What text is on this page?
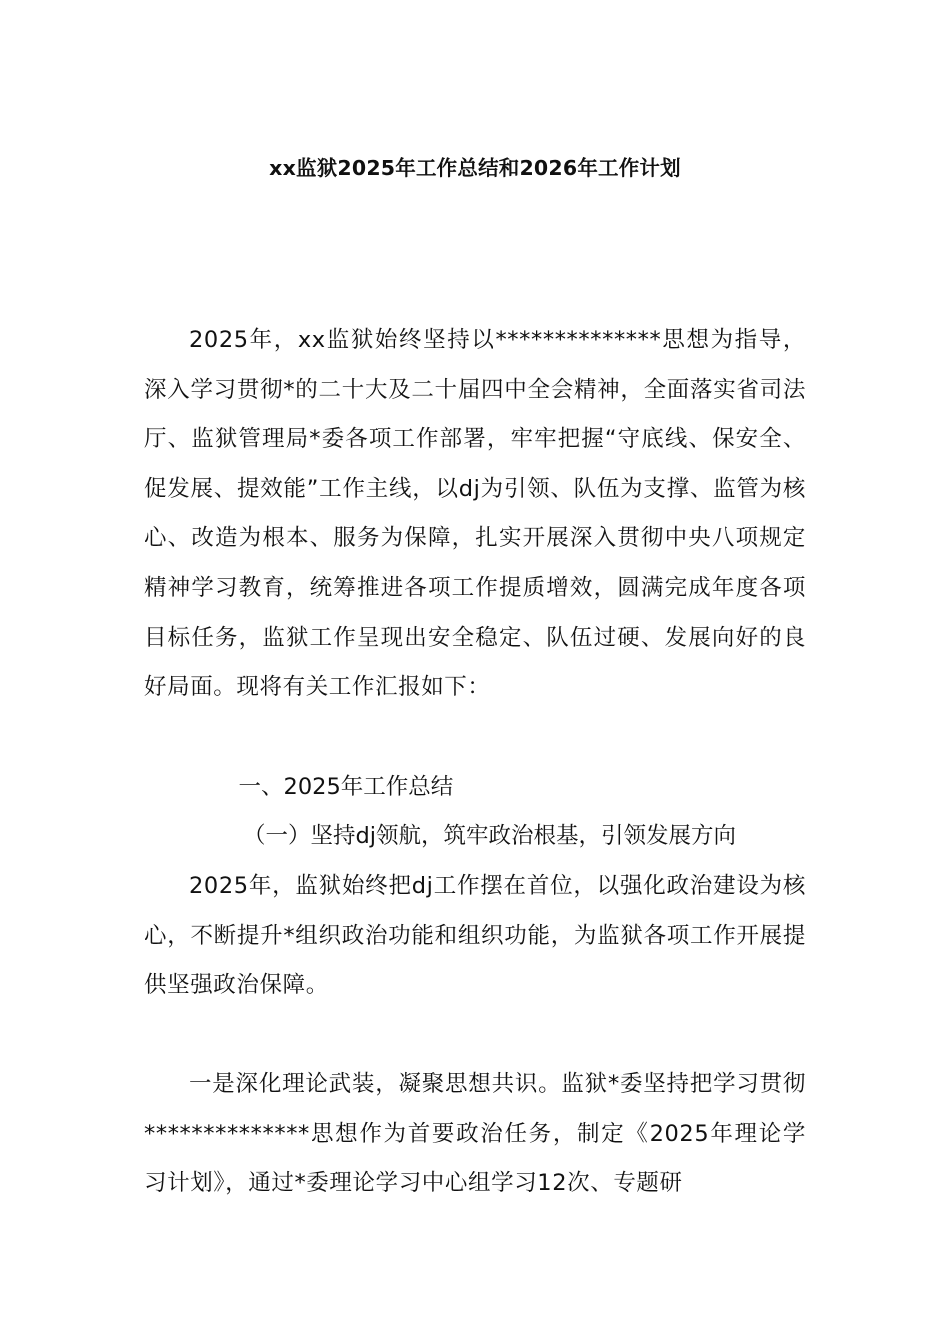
xx监狱2025年工作总结和2026年工作计划

2025年，xx监狱始终坚持以**************思想为指导，深入学习贯彻*的二十大及二十届四中全会精神，全面落实省司法厅、监狱管理局*委各项工作部署，牢牢把握“守底线、保安全、促发展、提效能”工作主线，以dj为引领、队伍为支撑、监管为核心、改造为根本、服务为保障，扎实开展深入贯彻中央八项规定精神学习教育，统筹推进各项工作提质增效，圆满完成年度各项目标任务，监狱工作呈现出安全稳定、队伍过硬、发展向好的良好局面。现将有关工作汇报如下：

一、2025年工作总结

（一）坚持dj领航，筑牢政治根基，引领发展方向

2025年，监狱始终把dj工作摆在首位，以强化政治建设为核心，不断提升*组织政治功能和组织功能，为监狱各项工作开展提供坚强政治保障。

一是深化理论武装，凝聚思想共识。监狱*委坚持把学习贯彻**************思想作为首要政治任务，制定《2025年理论学习计划》，通过*委理论学习中心组学习12次、专题研
